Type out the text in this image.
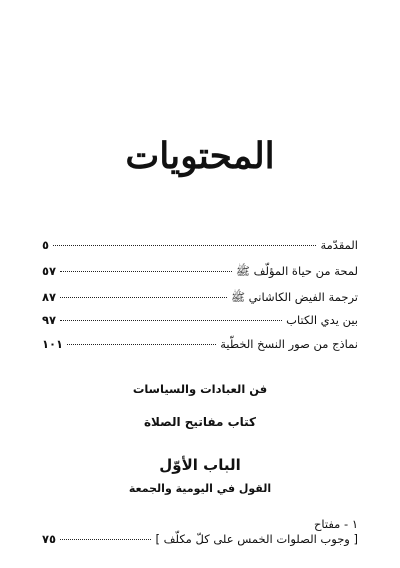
المحتويات
المقدّمة
٥
لمحة من حياة المؤلّف ﷺ
٥٧
ترجمة الفيض الكاشاني ﷺ
٨٧
بين يدي الكتاب
٩٧
نماذج من صور النسخ الخطّية
١٠١
فن العبادات والسياسات
كتاب مفاتيح الصلاة
الباب الأوّل
القول في اليومية والجمعة
١ - مفتاح
[ وجوب الصلوات الخمس على كلّ مكلّف ]
٧٥
